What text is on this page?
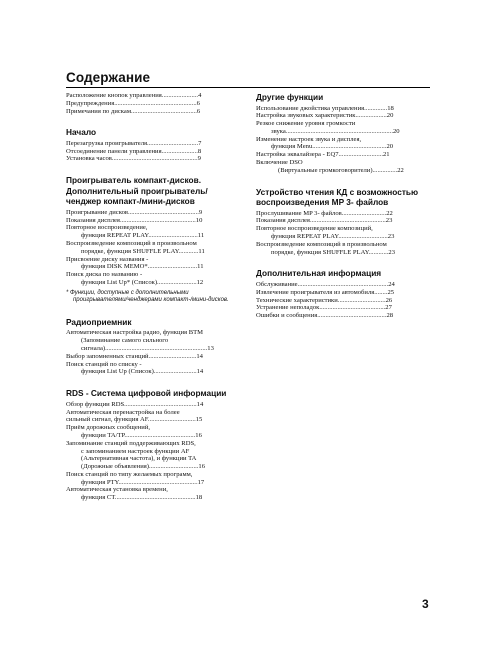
Содержание

Расположение кнопок управления......................4

Предупреждения..................................................6

Примечания по дискам........................................6

Начало

Перезагрузка проигрывателя...............................7

Отсоединение панели управления......................8

Установка часов....................................................9

Проигрыватель компакт-дисков.
Дополнительный проигрыватель/
ченджер компакт-/мини-дисков

Проигрывание дисков...........................................9

Показания дисплея..............................................10

Повторное воспроизведение,

функция REPEAT PLAY..............................11

Воспроизведение композиций в произвольном

порядке, функция SHUFFLE PLAY............11

Присвоение диску названия -

функция DISK MEMO*..............................11

Поиск диска по названию -

функция List Up* (Список)........................12

* Функции, доступные с дополнительными проигрывателями/ченджерами компакт-/мини-дисков.

Радиоприемник

Автоматическая настройка радио, функция BTM

(Запоминание самого сильного

сигнала)..............................................................13

Выбор запомненных станций.............................14

Поиск станций по списку -

функция List Up (Список)..........................14

RDS - Система цифровой информации

Обзор функции RDS............................................14

Автоматическая перенастройка на более

сильный сигнал, функция AF.............................15

Приём дорожных сообщений,

функции TA/TP...........................................16

Запоминание станций поддерживающих RDS,

с запоминанием настроек функции AF

(Альтернативная частота), и функции TA

(Дорожные объявления)..............................16

Поиск станций по типу желаемых программ,

функция PTY................................................17

Автоматическая установка времени,

функция CT.................................................18

Другие функции

Использование джойстика управления..............18

Настройка звуковых характеристик...................20

Резкое снижение уровня громкости

звука.................................................................20

Изменение настроек звука и дисплея,

функция Menu.............................................20

Настройка эквалайзера - EQ7...........................21

Включение DSO

(Виртуальные громкоговорители)...............22

Устройство чтения КД с возможностью
воспроизведения MP 3- файлов

Прослушивание MP 3- файлов...........................22

Показания дисплея..............................................23

Повторное воспроизведение композиций,

функция REPEAT PLAY..............................23

Воспроизведение композиций в произвольном

порядке, функция SHUFFLE PLAY............23

Дополнительная информация

Обслуживание.......................................................24

Извлечение проигрывателя из автомобиля........25

Технические характеристики.............................26

Устранение неполадок........................................27

Ошибки и сообщения..........................................28

3
